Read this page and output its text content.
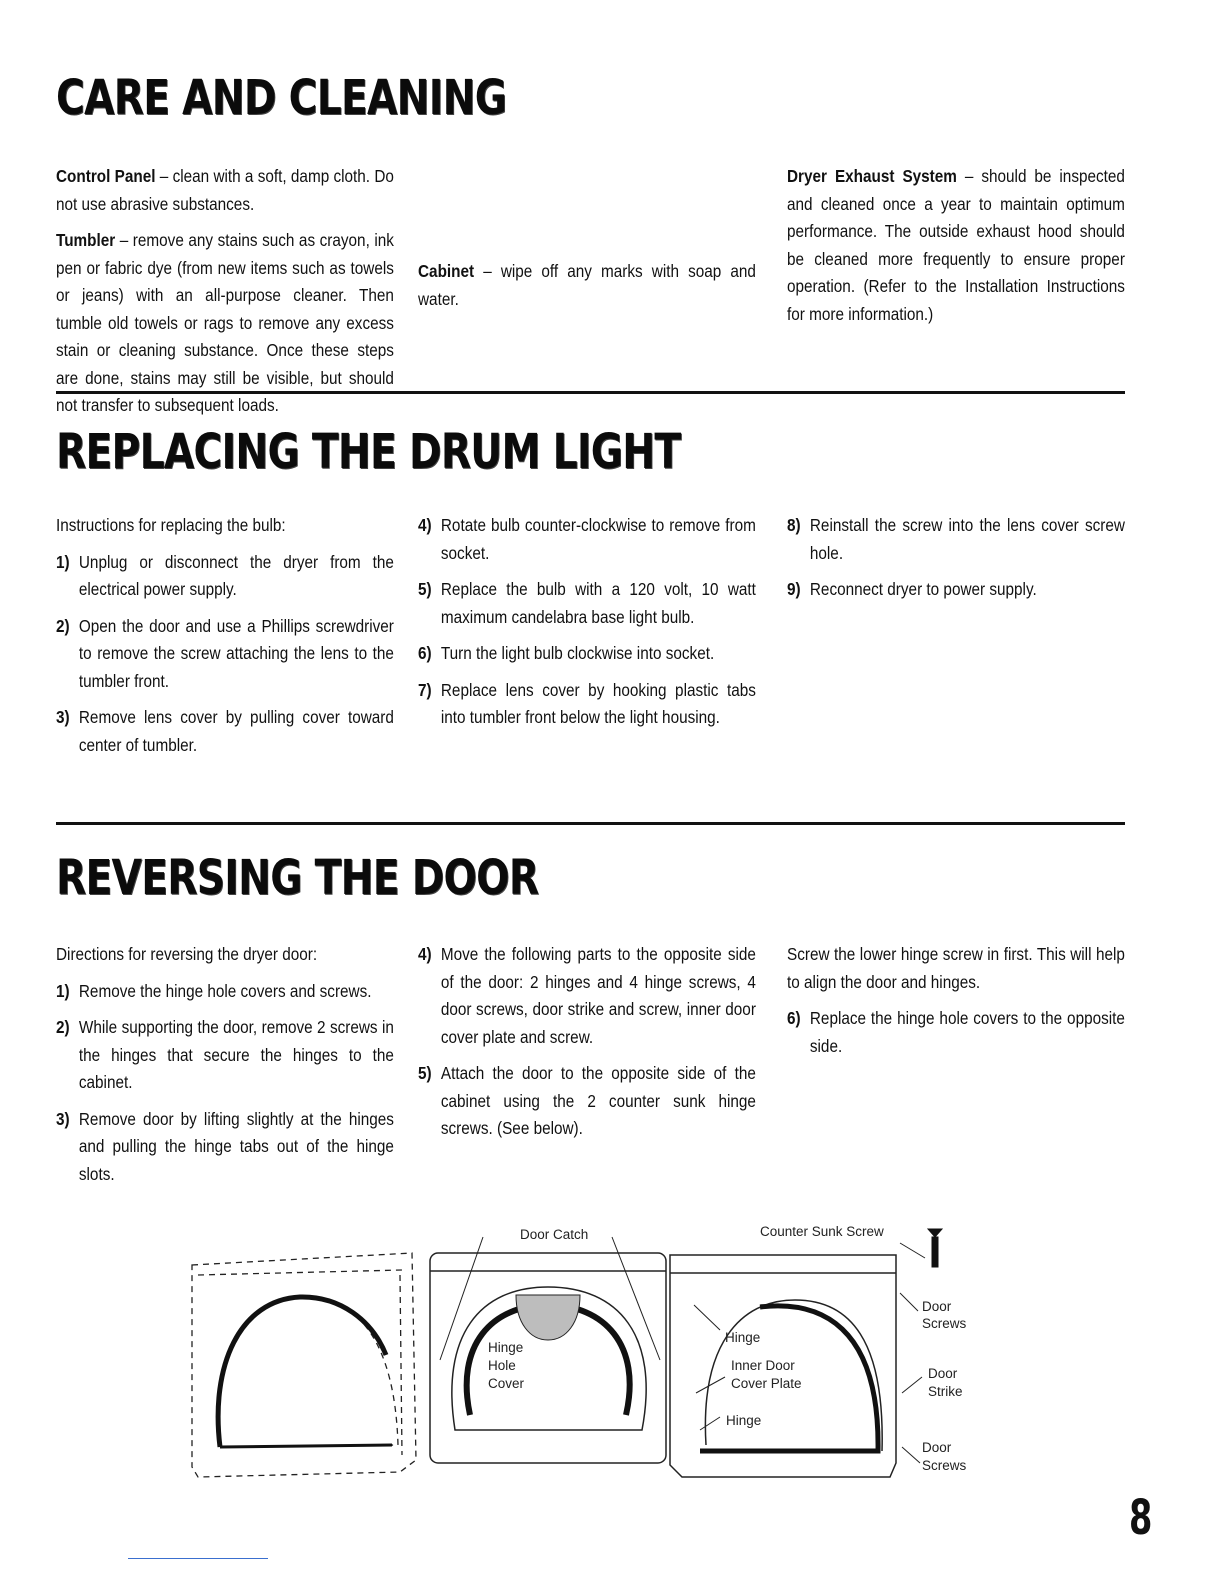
CARE AND CLEANING

Control Panel – clean with a soft, damp cloth. Do not use abrasive substances.

Tumbler – remove any stains such as crayon, ink pen or fabric dye (from new items such as towels or jeans) with an all-purpose cleaner. Then tumble old towels or rags to remove any excess stain or cleaning substance. Once these steps are done, stains may still be visible, but should not transfer to subsequent loads.

Dryer Exhaust System – should be inspected and cleaned once a year to maintain optimum performance. The outside exhaust hood should be cleaned more frequently to ensure proper operation. (Refer to the Installation Instructions for more information.)

Cabinet – wipe off any marks with soap and water.

REPLACING THE DRUM LIGHT

Instructions for replacing the bulb:

1) Unplug or disconnect the dryer from the electrical power supply.
2) Open the door and use a Phillips screwdriver to remove the screw attaching the lens to the tumbler front.
3) Remove lens cover by pulling cover toward center of tumbler.
4) Rotate bulb counter-clockwise to remove from socket.
5) Replace the bulb with a 120 volt, 10 watt maximum candelabra base light bulb.
6) Turn the light bulb clockwise into socket.
7) Replace lens cover by hooking plastic tabs into tumbler front below the light housing.
8) Reinstall the screw into the lens cover screw hole.
9) Reconnect dryer to power supply.
REVERSING THE DOOR

Directions for reversing the dryer door:

1) Remove the hinge hole covers and screws.
2) While supporting the door, remove 2 screws in the hinges that secure the hinges to the cabinet.
3) Remove door by lifting slightly at the hinges and pulling the hinge tabs out of the hinge slots.
4) Move the following parts to the opposite side of the door: 2 hinges and 4 hinge screws, 4 door screws, door strike and screw, inner door cover plate and screw.
5) Attach the door to the opposite side of the cabinet using the 2 counter sunk hinge screws. (See below).

Screw the lower hinge screw in first. This will help to align the door and hinges.

6) Replace the hinge hole covers to the opposite side.
Door Catch	Counter Sunk Screw
Hinge
Hole
Cover
Hinge
Inner Door
Cover Plate
Hinge
Door
Screws
Door
Strike
Door
Screws
8
